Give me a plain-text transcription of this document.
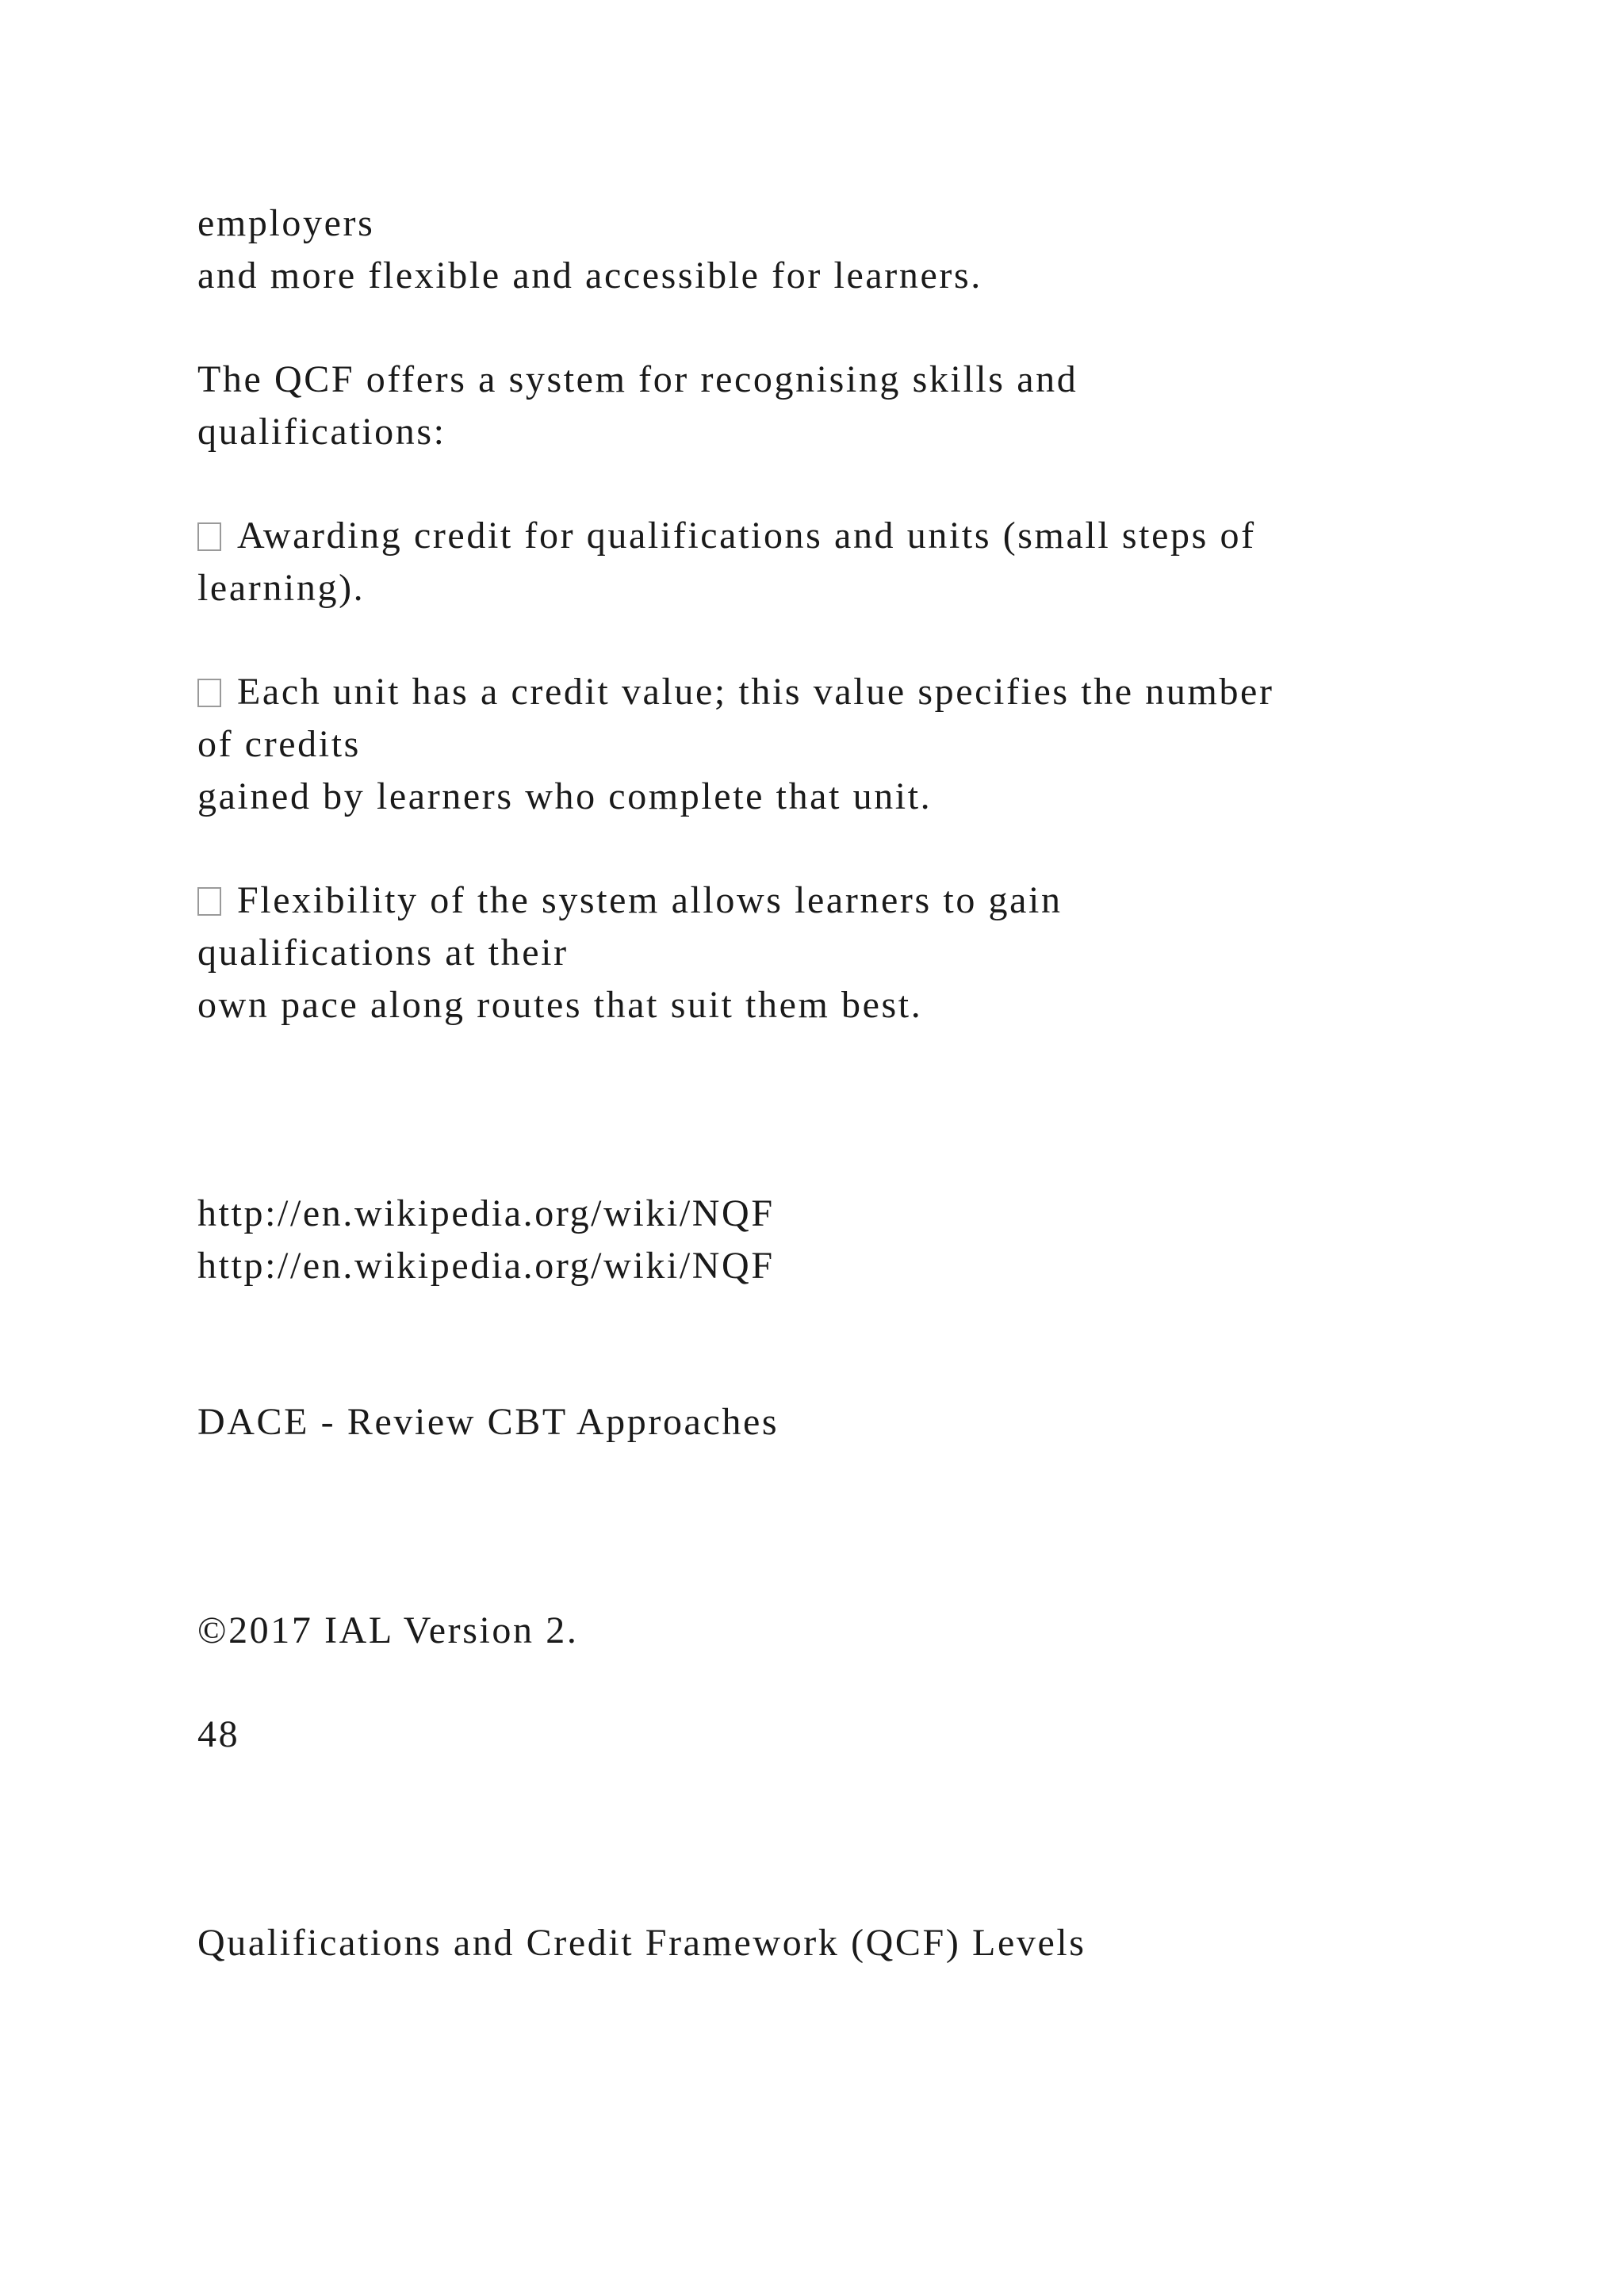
employers
and more flexible and accessible for learners.
The QCF offers a system for recognising skills and
qualifications:
Awarding credit for qualifications and units (small steps of
learning).
Each unit has a credit value; this value specifies the number
of credits
gained by learners who complete that unit.
Flexibility of the system allows learners to gain
qualifications at their
own pace along routes that suit them best.
http://en.wikipedia.org/wiki/NQF
http://en.wikipedia.org/wiki/NQF
DACE - Review CBT Approaches
©2017 IAL Version 2.
48
Qualifications and Credit Framework (QCF) Levels
